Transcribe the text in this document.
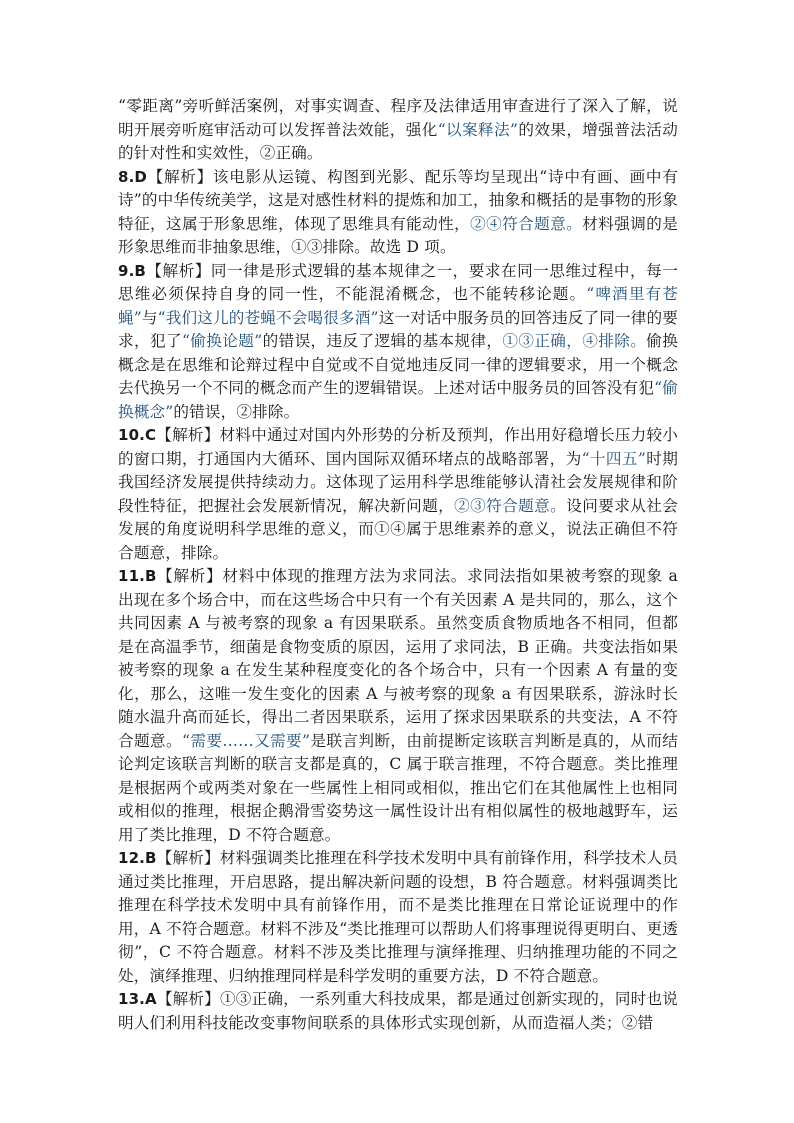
“零距离”旁听鲜活案例，对事实调查、程序及法律适用审查进行了深入了解，说明开展旁听庭审活动可以发挥普法效能，强化“以案释法”的效果，增强普法活动的针对性和实效性，②正确。

8.D【解析】该电影从运镜、构图到光影、配乐等均呈现出“诗中有画、画中有诗”的中华传统美学，这是对感性材料的提炼和加工，抽象和概括的是事物的形象特征，这属于形象思维，体现了思维具有能动性，②④符合题意。材料强调的是形象思维而非抽象思维，①③排除。故选 D 项。

9.B【解析】同一律是形式逻辑的基本规律之一，要求在同一思维过程中，每一思维必须保持自身的同一性，不能混淆概念，也不能转移论题。“啤酒里有苍蝇”与“我们这儿的苍蝇不会喝很多酒”这一对话中服务员的回答违反了同一律的要求，犯了“偷换论题”的错误，违反了逻辑的基本规律，①③正确，④排除。偷换概念是在思维和论辩过程中自觉或不自觉地违反同一律的逻辑要求，用一个概念去代换另一个不同的概念而产生的逻辑错误。上述对话中服务员的回答没有犯“偷换概念”的错误，②排除。

10.C【解析】材料中通过对国内外形势的分析及预判，作出用好稳增长压力较小的窗口期，打通国内大循环、国内国际双循环堵点的战略部署，为“十四五”时期我国经济发展提供持续动力。这体现了运用科学思维能够认清社会发展规律和阶段性特征，把握社会发展新情况，解决新问题，②③符合题意。设问要求从社会发展的角度说明科学思维的意义，而①④属于思维素养的意义，说法正确但不符合题意，排除。

11.B【解析】材料中体现的推理方法为求同法。求同法指如果被考察的现象 a 出现在多个场合中，而在这些场合中只有一个有关因素 A 是共同的，那么，这个共同因素 A 与被考察的现象 a 有因果联系。虽然变质食物质地各不相同，但都是在高温季节，细菌是食物变质的原因，运用了求同法，B 正确。共变法指如果被考察的现象 a 在发生某种程度变化的各个场合中，只有一个因素 A 有量的变化，那么，这唯一发生变化的因素 A 与被考察的现象 a 有因果联系，游泳时长随水温升高而延长，得出二者因果联系，运用了探求因果联系的共变法，A 不符合题意。“需要……又需要”是联言判断，由前提断定该联言判断是真的，从而结论判定该联言判断的联言支都是真的，C 属于联言推理，不符合题意。类比推理是根据两个或两类对象在一些属性上相同或相似，推出它们在其他属性上也相同或相似的推理，根据企鹅滑雪姿势这一属性设计出有相似属性的极地越野车，运用了类比推理，D 不符合题意。

12.B【解析】材料强调类比推理在科学技术发明中具有前锋作用，科学技术人员通过类比推理，开启思路，提出解决新问题的设想，B 符合题意。材料强调类比推理在科学技术发明中具有前锋作用，而不是类比推理在日常论证说理中的作用，A 不符合题意。材料不涉及“类比推理可以帮助人们将事理说得更明白、更透彻”，C 不符合题意。材料不涉及类比推理与演绎推理、归纳推理功能的不同之处，演绎推理、归纳推理同样是科学发明的重要方法，D 不符合题意。

13.A【解析】①③正确，一系列重大科技成果，都是通过创新实现的，同时也说明人们利用科技能改变事物间联系的具体形式实现创新，从而造福人类；②错
